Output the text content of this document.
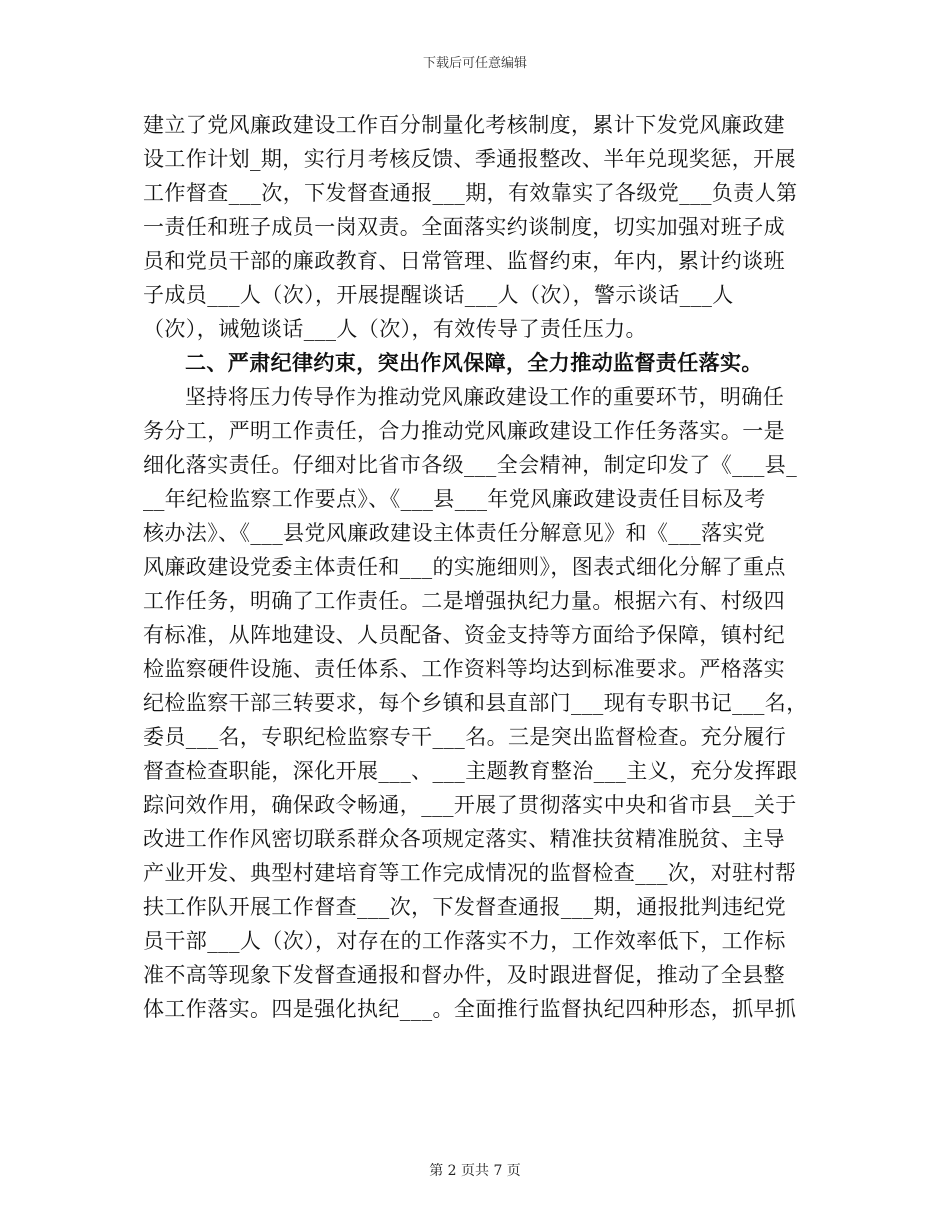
下载后可任意编辑
建立了党风廉政建设工作百分制量化考核制度，累计下发党风廉政建
设工作计划_期，实行月考核反馈、季通报整改、半年兑现奖惩，开展
工作督查___次，下发督查通报___期，有效靠实了各级党___负责人第
一责任和班子成员一岗双责。全面落实约谈制度，切实加强对班子成
员和党员干部的廉政教育、日常管理、监督约束，年内，累计约谈班
子成员___人（次），开展提醒谈话___人（次），警示谈话___人
（次），诫勉谈话___人（次），有效传导了责任压力。
二、严肃纪律约束，突出作风保障，全力推动监督责任落实。
坚持将压力传导作为推动党风廉政建设工作的重要环节，明确任
务分工，严明工作责任，合力推动党风廉政建设工作任务落实。一是
细化落实责任。仔细对比省市各级___全会精神，制定印发了《___县_
__年纪检监察工作要点》、《___县___年党风廉政建设责任目标及考
核办法》、《___县党风廉政建设主体责任分解意见》和《___落实党
风廉政建设党委主体责任和___的实施细则》，图表式细化分解了重点
工作任务，明确了工作责任。二是增强执纪力量。根据六有、村级四
有标准，从阵地建设、人员配备、资金支持等方面给予保障，镇村纪
检监察硬件设施、责任体系、工作资料等均达到标准要求。严格落实
纪检监察干部三转要求，每个乡镇和县直部门___现有专职书记___名，
委员___名，专职纪检监察专干___名。三是突出监督检查。充分履行
督查检查职能，深化开展___、___主题教育整治___主义，充分发挥跟
踪问效作用，确保政令畅通，___开展了贯彻落实中央和省市县__关于
改进工作作风密切联系群众各项规定落实、精准扶贫精准脱贫、主导
产业开发、典型村建培育等工作完成情况的监督检查___次，对驻村帮
扶工作队开展工作督查___次，下发督查通报___期，通报批判违纪党
员干部___人（次），对存在的工作落实不力，工作效率低下，工作标
准不高等现象下发督查通报和督办件，及时跟进督促，推动了全县整
体工作落实。四是强化执纪___。全面推行监督执纪四种形态，抓早抓
第 2 页共 7 页
